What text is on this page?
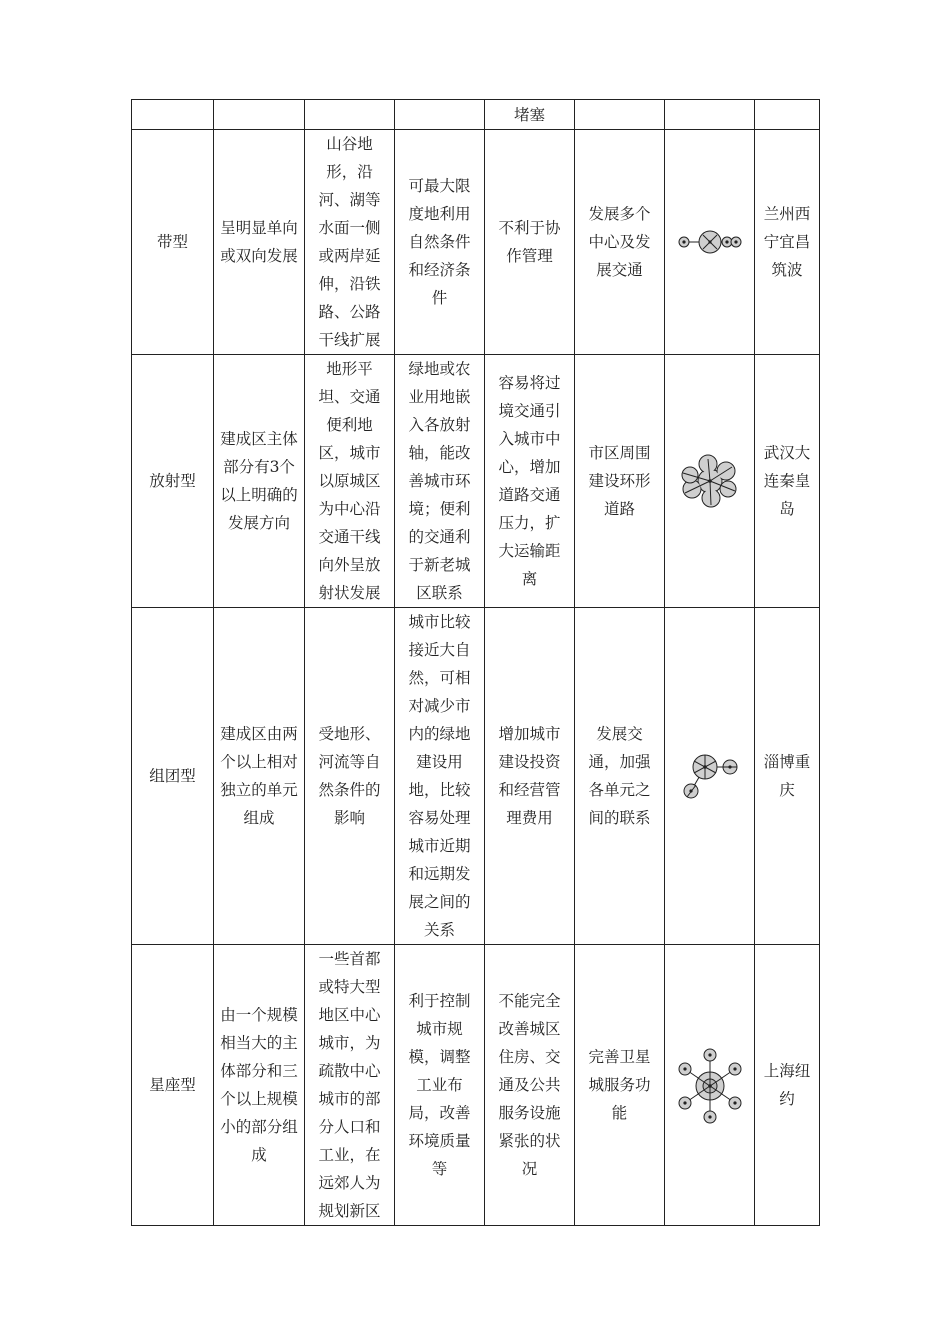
				堵塞			

带型	呈明显单向或双向发展	山谷地形，沿河、湖等水面一侧或两岸延伸，沿铁路、公路干线扩展	可最大限度地利用自然条件和经济条件	不利于协作管理	发展多个中心及发展交通		兰州西宁宜昌筑波
放射型	建成区主体部分有3个以上明确的发展方向	地形平坦、交通便利地区，城市以原城区为中心沿交通干线向外呈放射状发展	绿地或农业用地嵌入各放射轴，能改善城市环境；便利的交通利于新老城区联系	容易将过境交通引入城市中心，增加道路交通压力，扩大运输距离	市区周围建设环形道路		武汉大连秦皇岛
组团型	建成区由两个以上相对独立的单元组成	受地形、河流等自然条件的影响	城市比较接近大自然，可相对减少市内的绿地建设用地，比较容易处理城市近期和远期发展之间的关系	增加城市建设投资和经营管理费用	发展交通，加强各单元之间的联系		淄博重庆
星座型	由一个规模相当大的主体部分和三个以上规模小的部分组成	一些首都或特大型地区中心城市，为疏散中心城市的部分人口和工业，在远郊人为规划新区	利于控制城市规模，调整工业布局，改善环境质量等	不能完全改善城区住房、交通及公共服务设施紧张的状况	完善卫星城服务功能		上海纽约
